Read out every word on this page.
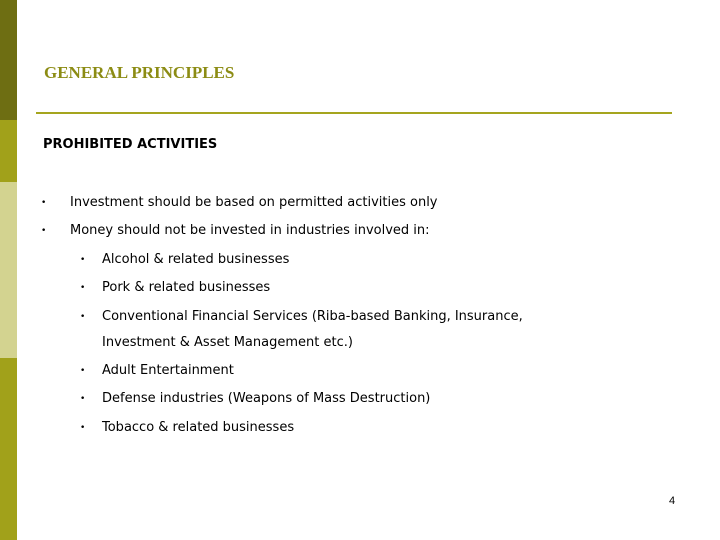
GENERAL PRINCIPLES
PROHIBITED ACTIVITIES
• Investment should be based on permitted activities only
• Money should not be invested in industries involved in:
• Alcohol & related businesses
• Pork & related businesses
• Conventional Financial Services (Riba-based Banking, Insurance,
Investment & Asset Management etc.)
• Adult Entertainment
• Defense industries (Weapons of Mass Destruction)
• Tobacco & related businesses
4
